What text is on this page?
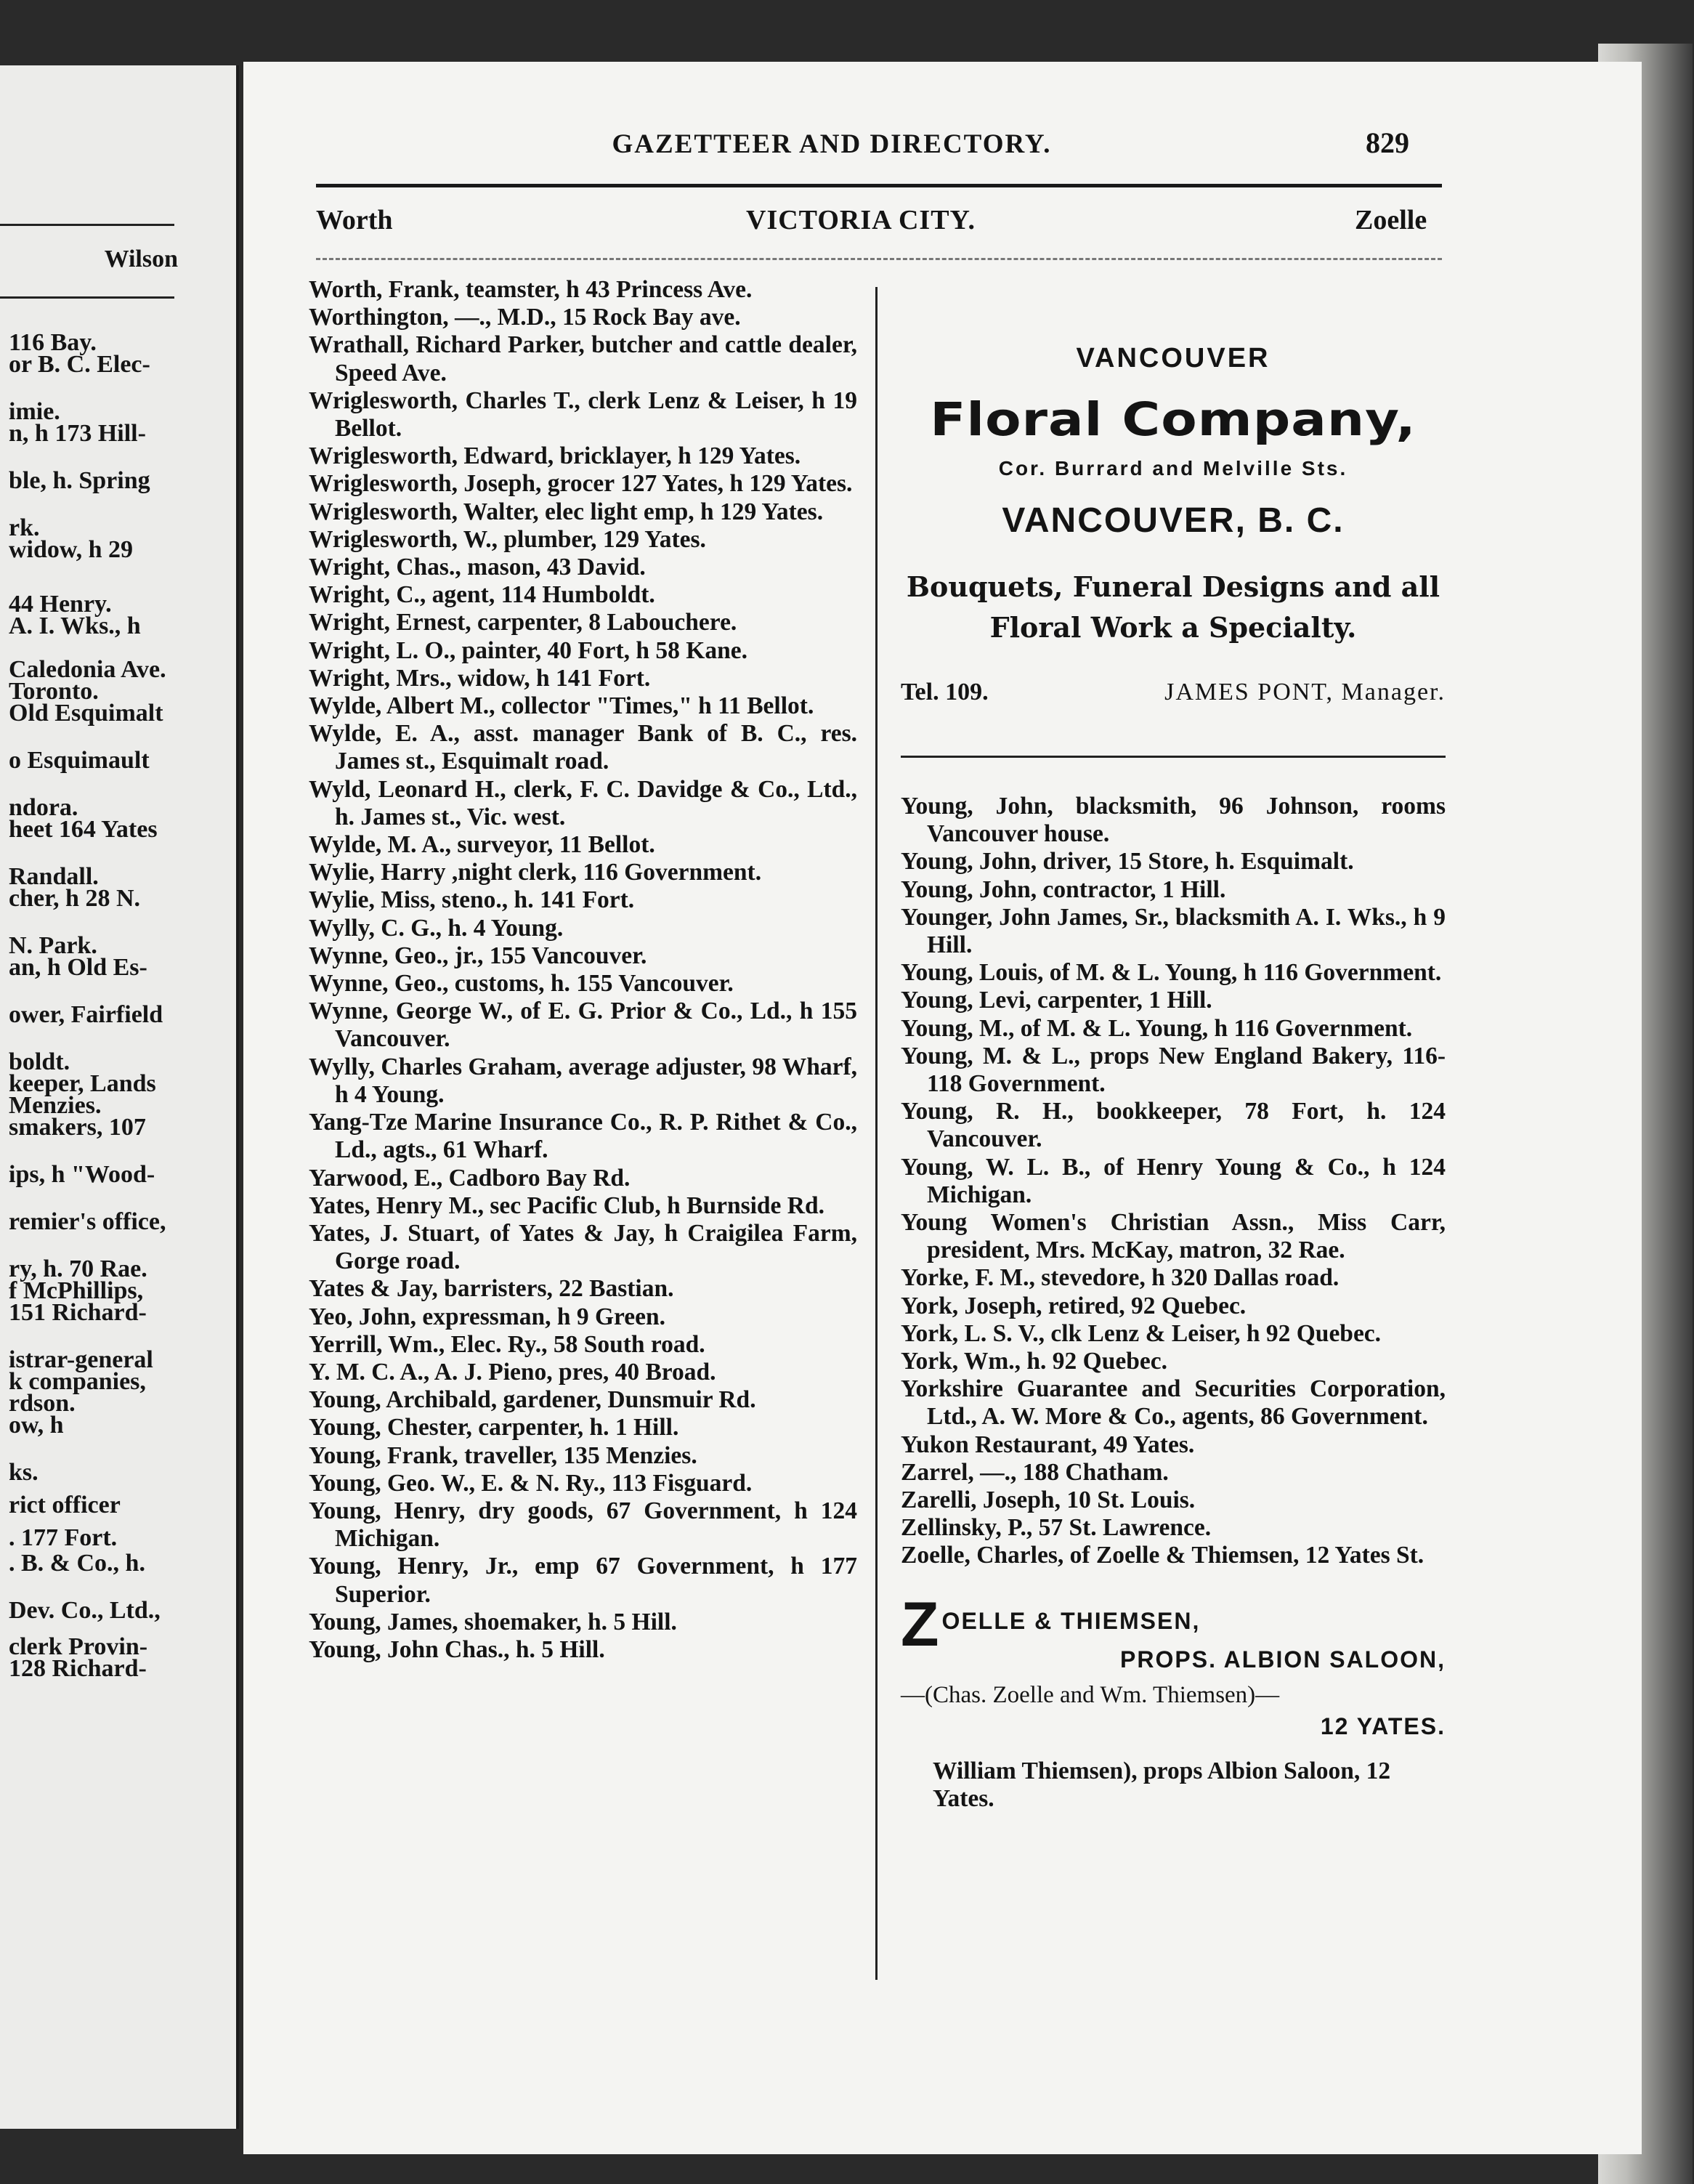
Wilson
116 Bay.
or B. C. Elec-
imie.
n, h 173 Hill-
ble, h. Spring
rk.
widow, h 29
44 Henry.
A. I. Wks., h
Caledonia Ave.
Toronto.
Old Esquimalt
o Esquimault
ndora.
heet 164 Yates
Randall.
cher, h 28 N.
N. Park.
an, h Old Es-
ower, Fairfield
boldt.
keeper, Lands
Menzies.
smakers, 107
ips, h "Wood-
remier's office,
ry, h. 70 Rae.
f McPhillips,
151 Richard-
istrar-general
k companies,
rdson.
ow, h
ks.
rict officer
. 177 Fort.
. B. & Co., h.
Dev. Co., Ltd.,
clerk Provin-
128 Richard-
GAZETTEER AND DIRECTORY.	829
Worth	VICTORIA CITY.	Zoelle
Worth, Frank, teamster, h 43 Princess Ave.
Worthington, —., M.D., 15 Rock Bay ave.
Wrathall, Richard Parker, butcher and cattle dealer, Speed Ave.
Wriglesworth, Charles T., clerk Lenz & Leiser, h 19 Bellot.
Wriglesworth, Edward, bricklayer, h 129 Yates.
Wriglesworth, Joseph, grocer 127 Yates, h 129 Yates.
Wriglesworth, Walter, elec light emp, h 129 Yates.
Wriglesworth, W., plumber, 129 Yates.
Wright, Chas., mason, 43 David.
Wright, C., agent, 114 Humboldt.
Wright, Ernest, carpenter, 8 Labouchere.
Wright, L. O., painter, 40 Fort, h 58 Kane.
Wright, Mrs., widow, h 141 Fort.
Wylde, Albert M., collector "Times," h 11 Bellot.
Wylde, E. A., asst. manager Bank of B. C., res. James st., Esquimalt road.
Wyld, Leonard H., clerk, F. C. Davidge & Co., Ltd., h. James st., Vic. west.
Wylde, M. A., surveyor, 11 Bellot.
Wylie, Harry ,night clerk, 116 Government.
Wylie, Miss, steno., h. 141 Fort.
Wylly, C. G., h. 4 Young.
Wynne, Geo., jr., 155 Vancouver.
Wynne, Geo., customs, h. 155 Vancouver.
Wynne, George W., of E. G. Prior & Co., Ld., h 155 Vancouver.
Wylly, Charles Graham, average adjuster, 98 Wharf, h 4 Young.
Yang-Tze Marine Insurance Co., R. P. Rithet & Co., Ld., agts., 61 Wharf.
Yarwood, E., Cadboro Bay Rd.
Yates, Henry M., sec Pacific Club, h Burnside Rd.
Yates, J. Stuart, of Yates & Jay, h Craigilea Farm, Gorge road.
Yates & Jay, barristers, 22 Bastian.
Yeo, John, expressman, h 9 Green.
Yerrill, Wm., Elec. Ry., 58 South road.
Y. M. C. A., A. J. Pieno, pres, 40 Broad.
Young, Archibald, gardener, Dunsmuir Rd.
Young, Chester, carpenter, h. 1 Hill.
Young, Frank, traveller, 135 Menzies.
Young, Geo. W., E. & N. Ry., 113 Fisguard.
Young, Henry, dry goods, 67 Government, h 124 Michigan.
Young, Henry, Jr., emp 67 Government, h 177 Superior.
Young, James, shoemaker, h. 5 Hill.
Young, John Chas., h. 5 Hill.
VANCOUVER
Floral Company,
Cor. Burrard and Melville Sts.
VANCOUVER, B. C.
Bouquets, Funeral Designs and all Floral Work a Specialty.
Tel. 109.	JAMES PONT, Manager.
Young, John, blacksmith, 96 Johnson, rooms Vancouver house.
Young, John, driver, 15 Store, h. Esquimalt.
Young, John, contractor, 1 Hill.
Younger, John James, Sr., blacksmith A. I. Wks., h 9 Hill.
Young, Louis, of M. & L. Young, h 116 Government.
Young, Levi, carpenter, 1 Hill.
Young, M., of M. & L. Young, h 116 Government.
Young, M. & L., props New England Bakery, 116-118 Government.
Young, R. H., bookkeeper, 78 Fort, h. 124 Vancouver.
Young, W. L. B., of Henry Young & Co., h 124 Michigan.
Young Women's Christian Assn., Miss Carr, president, Mrs. McKay, matron, 32 Rae.
Yorke, F. M., stevedore, h 320 Dallas road.
York, Joseph, retired, 92 Quebec.
York, L. S. V., clk Lenz & Leiser, h 92 Quebec.
York, Wm., h. 92 Quebec.
Yorkshire Guarantee and Securities Corporation, Ltd., A. W. More & Co., agents, 86 Government.
Yukon Restaurant, 49 Yates.
Zarrel, —., 188 Chatham.
Zarelli, Joseph, 10 St. Louis.
Zellinsky, P., 57 St. Lawrence.
Zoelle, Charles, of Zoelle & Thiemsen, 12 Yates St.
Z OELLE & THIEMSEN,
PROPS. ALBION SALOON,
—(Chas. Zoelle and Wm. Thiemsen)—
12 YATES.
William Thiemsen), props Albion Saloon, 12 Yates.
